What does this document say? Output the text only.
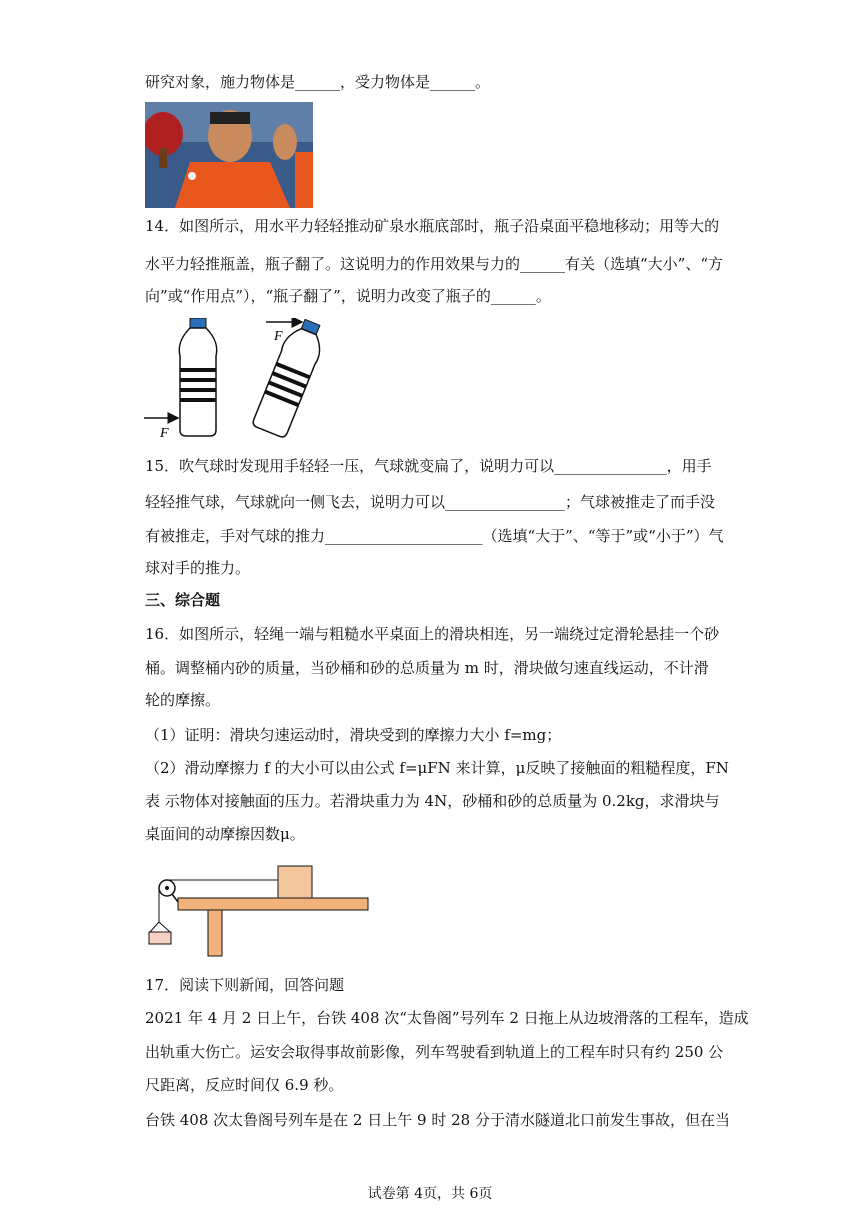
研究对象，施力物体是______，受力物体是______。
14．如图所示，用水平力轻轻推动矿泉水瓶底部时，瓶子沿桌面平稳地移动；用等大的
水平力轻推瓶盖，瓶子翻了。这说明力的作用效果与力的______有关（选填“大小”、“方
向”或“作用点”），“瓶子翻了”，说明力改变了瓶子的______。
F
F
15．吹气球时发现用手轻轻一压，气球就变扁了，说明力可以_______________，用手
轻轻推气球，气球就向一侧飞去，说明力可以________________；气球被推走了而手没
有被推走，手对气球的推力_____________________（选填“大于”、“等于”或“小于”）气
球对手的推力。
三、综合题
16．如图所示，轻绳一端与粗糙水平桌面上的滑块相连，另一端绕过定滑轮悬挂一个砂
桶。调整桶内砂的质量，当砂桶和砂的总质量为 m 时，滑块做匀速直线运动，不计滑
轮的摩擦。
（1）证明：滑块匀速运动时，滑块受到的摩擦力大小 f=mg；
（2）滑动摩擦力 f 的大小可以由公式 f=μFN 来计算，μ反映了接触面的粗糙程度，FN
表 示物体对接触面的压力。若滑块重力为 4N，砂桶和砂的总质量为 0.2kg，求滑块与
桌面间的动摩擦因数μ。
17．阅读下则新闻，回答问题
2021 年 4 月 2 日上午，台铁 408 次“太鲁阁”号列车 2 日拖上从边坡滑落的工程车，造成
出轨重大伤亡。运安会取得事故前影像，列车驾驶看到轨道上的工程车时只有约 250 公
尺距离，反应时间仅 6.9 秒。
台铁 408 次太鲁阁号列车是在 2 日上午 9 时 28 分于清水隧道北口前发生事故，但在当
试卷第 4页，共 6页
